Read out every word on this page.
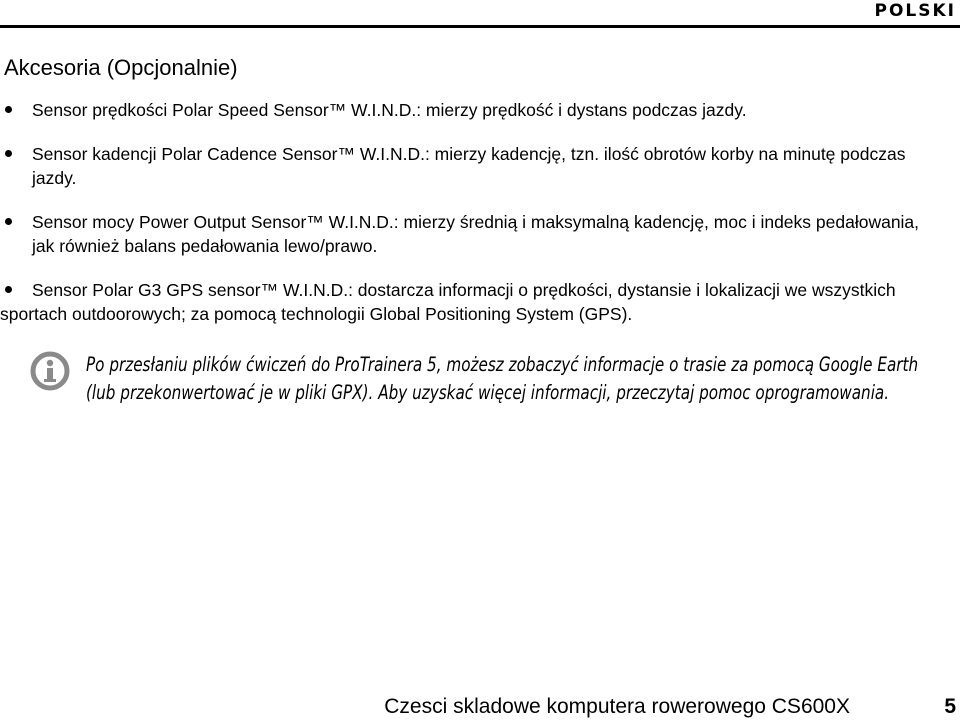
POLSKI
Akcesoria (Opcjonalnie)
Sensor prędkości Polar Speed Sensor™ W.I.N.D.: mierzy prędkość i dystans podczas jazdy.
Sensor kadencji Polar Cadence Sensor™ W.I.N.D.: mierzy kadencję, tzn. ilość obrotów korby na minutę podczas jazdy.
Sensor mocy Power Output Sensor™ W.I.N.D.: mierzy średnią i maksymalną kadencję, moc i indeks pedałowania, jak również balans pedałowania lewo/prawo.
Sensor Polar G3 GPS sensor™ W.I.N.D.: dostarcza informacji o prędkości, dystansie i lokalizacji we wszystkich sportach outdoorowych; za pomocą technologii Global Positioning System (GPS).
Po przesłaniu plików ćwiczeń do ProTrainera 5, możesz zobaczyć informacje o trasie za pomocą Google Earth (lub przekonwertować je w pliki GPX). Aby uzyskać więcej informacji, przeczytaj pomoc oprogramowania.
Czesci skladowe komputera rowerowego CS600X	5
